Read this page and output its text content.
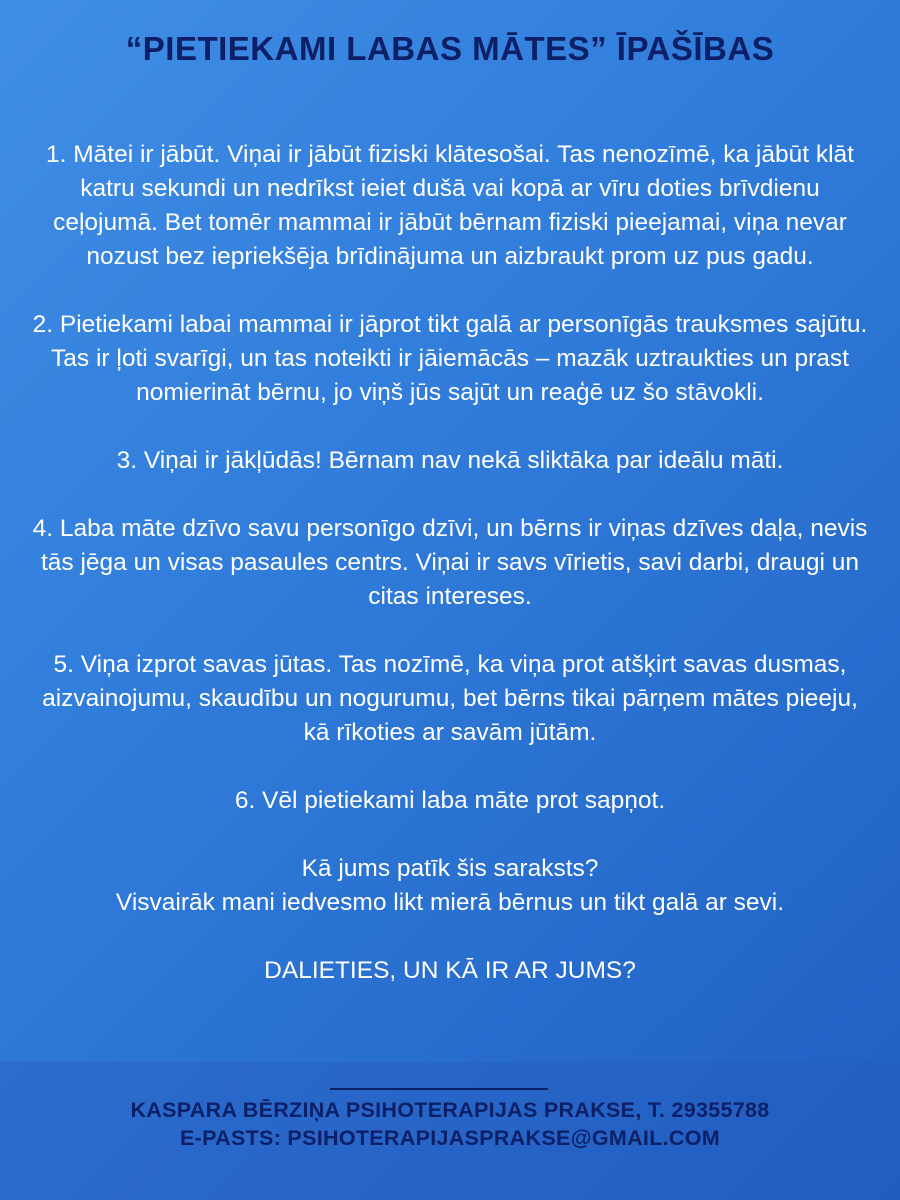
“PIETIEKAMI LABAS MĀTES” ĪPAŠĪBAS

1. Mātei ir jābūt. Viņai ir jābūt fiziski klātesošai. Tas nenozīmē, ka jābūt klāt katru sekundi un nedrīkst ieiet dušā vai kopā ar vīru doties brīvdienu ceļojumā. Bet tomēr mammai ir jābūt bērnam fiziski pieejamai, viņa nevar nozust bez iepriekšēja brīdinājuma un aizbraukt prom uz pus gadu.

2. Pietiekami labai mammai ir jāprot tikt galā ar personīgās trauksmes sajūtu. Tas ir ļoti svarīgi, un tas noteikti ir jāiemācās – mazāk uztraukties un prast nomierināt bērnu, jo viņš jūs sajūt un reaģē uz šo stāvokli.

3. Viņai ir jākļūdās! Bērnam nav nekā sliktāka par ideālu māti.

4. Laba māte dzīvo savu personīgo dzīvi, un bērns ir viņas dzīves daļa, nevis tās jēga un visas pasaules centrs. Viņai ir savs vīrietis, savi darbi, draugi un citas intereses.

5. Viņa izprot savas jūtas. Tas nozīmē, ka viņa prot atšķirt savas dusmas, aizvainojumu, skaudību un nogurumu, bet bērns tikai pārņem mātes pieeju, kā rīkoties ar savām jūtām.

6. Vēl pietiekami laba māte prot sapņot.

Kā jums patīk šis saraksts?
Visvairāk mani iedvesmo likt mierā bērnus un tikt galā ar sevi.

DALIETIES, UN KĀ IR AR JUMS?

KASPARA BĒRZIŅA PSIHOTERAPIJAS PRAKSE, T. 29355788
E-PASTS: PSIHOTERAPIJASPRAKSE@GMAIL.COM
